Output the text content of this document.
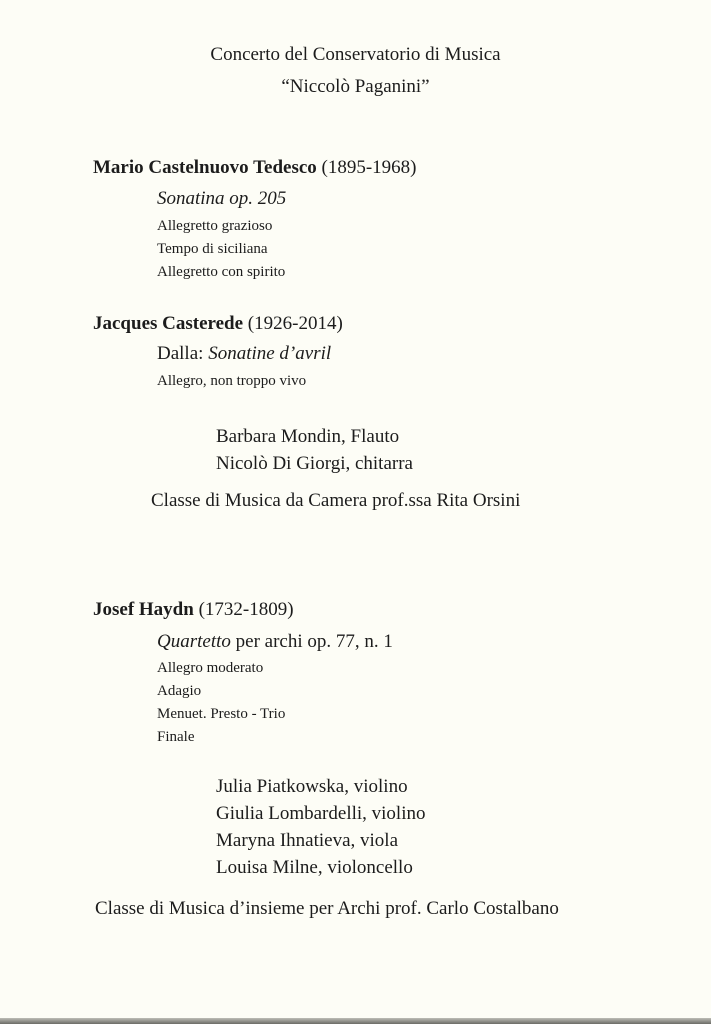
Concerto del Conservatorio di Musica
“Niccolò Paganini”
Mario Castelnuovo Tedesco (1895-1968)
Sonatina op. 205
Allegretto grazioso
Tempo di siciliana
Allegretto con spirito
Jacques Casterede (1926-2014)
Dalla: Sonatine d’avril
Allegro, non troppo vivo
Barbara Mondin, Flauto
Nicolò Di Giorgi, chitarra
Classe di Musica da Camera prof.ssa Rita Orsini
Josef Haydn (1732-1809)
Quartetto per archi op. 77, n. 1
Allegro moderato
Adagio
Menuet. Presto - Trio
Finale
Julia Piatkowska, violino
Giulia Lombardelli, violino
Maryna Ihnatieva, viola
Louisa Milne, violoncello
Classe di Musica d’insieme per Archi prof. Carlo Costalbano
